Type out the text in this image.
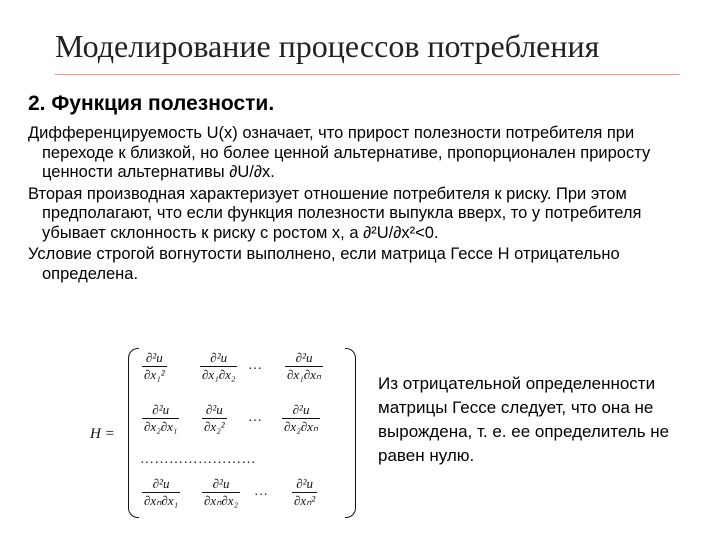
Моделирование процессов потребления
2. Функция полезности.

Дифференцируемость U(x) означает, что прирост полезности потребителя при переходе к близкой, но более ценной альтернативе, пропорционален приросту ценности альтернативы ∂U/∂x.

Вторая производная характеризует отношение потребителя к риску. При этом предполагают, что если функция полезности выпукла вверх, то у потребителя убывает склонность к риску с ростом x, а ∂²U/∂x²<0.

Условие строгой вогнутости выполнено, если матрица Гессе H отрицательно определена.

H =
$\frac{\text{∂²u}}{\text{∂x₁²}}$	$\frac{\text{∂²u}}{\text{∂x₁∂x₂}}$ … $\frac{\text{∂²u}}{\text{∂x₁∂xₙ}}$
$\frac{\text{∂²u}}{\text{∂x₂∂x₁}} \frac{\text{∂²u}}{\text{∂x₂²}}$ … $\frac{\text{∂²u}}{\text{∂x₂∂xₙ}}$
……………………
$\frac{\text{∂²u}}{\text{∂xₙ∂x₁}} \frac{\text{∂²u}}{\text{∂xₙ∂x₂}}$ … $\frac{\text{∂²u}}{\text{∂xₙ²}}$
Из отрицательной определенности матрицы Гессе следует, что она не вырождена, т. е. ее определитель не равен нулю.
